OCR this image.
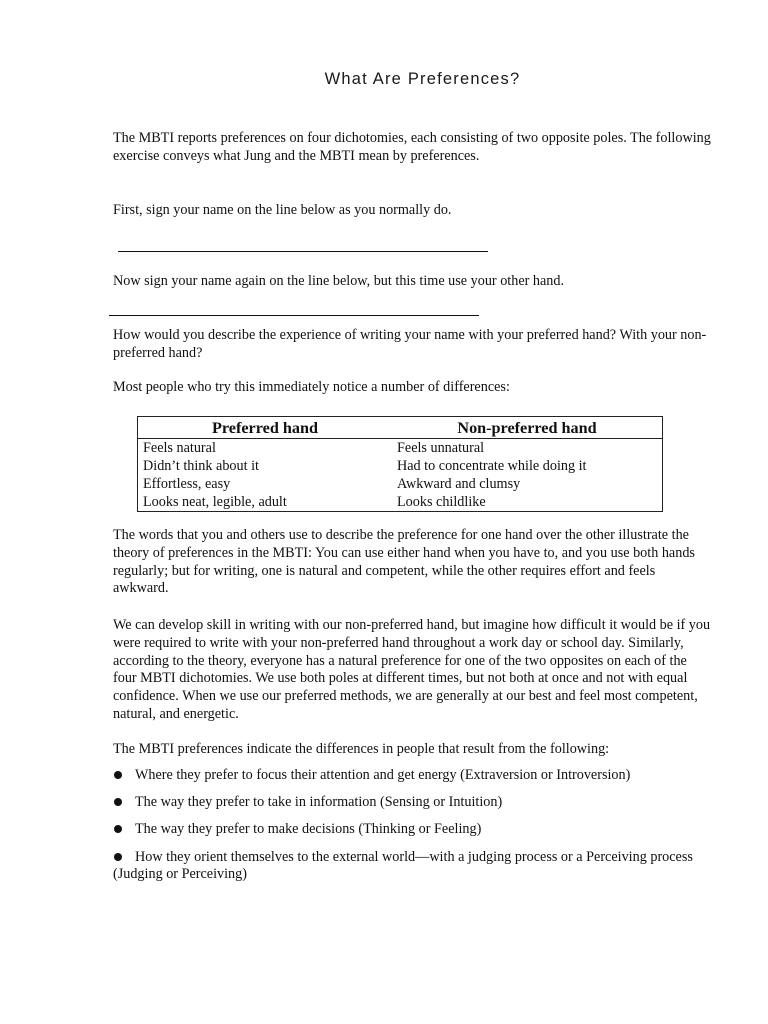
What Are Preferences?

The MBTI reports preferences on four dichotomies, each consisting of two opposite poles. The following exercise conveys what Jung and the MBTI mean by preferences.

First, sign your name on the line below as you normally do.

Now sign your name again on the line below, but this time use your other hand.

How would you describe the experience of writing your name with your preferred hand? With your non-preferred hand?

Most people who try this immediately notice a number of differences:

Preferred hand	Non-preferred hand
Feels natural	Feels unnatural
Didn’t think about it	Had to concentrate while doing it
Effortless, easy	Awkward and clumsy
Looks neat, legible, adult	Looks childlike

The words that you and others use to describe the preference for one hand over the other illustrate the theory of preferences in the MBTI: You can use either hand when you have to, and you use both hands regularly; but for writing, one is natural and competent, while the other requires effort and feels awkward.

We can develop skill in writing with our non-preferred hand, but imagine how difficult it would be if you were required to write with your non-preferred hand throughout a work day or school day. Similarly, according to the theory, everyone has a natural preference for one of the two opposites on each of the four MBTI dichotomies. We use both poles at different times, but not both at once and not with equal confidence. When we use our preferred methods, we are generally at our best and feel most competent, natural, and energetic.

The MBTI preferences indicate the differences in people that result from the following:

Where they prefer to focus their attention and get energy (Extraversion or Introversion)
The way they prefer to take in information (Sensing or Intuition)
The way they prefer to make decisions (Thinking or Feeling)
How they orient themselves to the external world—with a judging process or a Perceiving process (Judging or Perceiving)
